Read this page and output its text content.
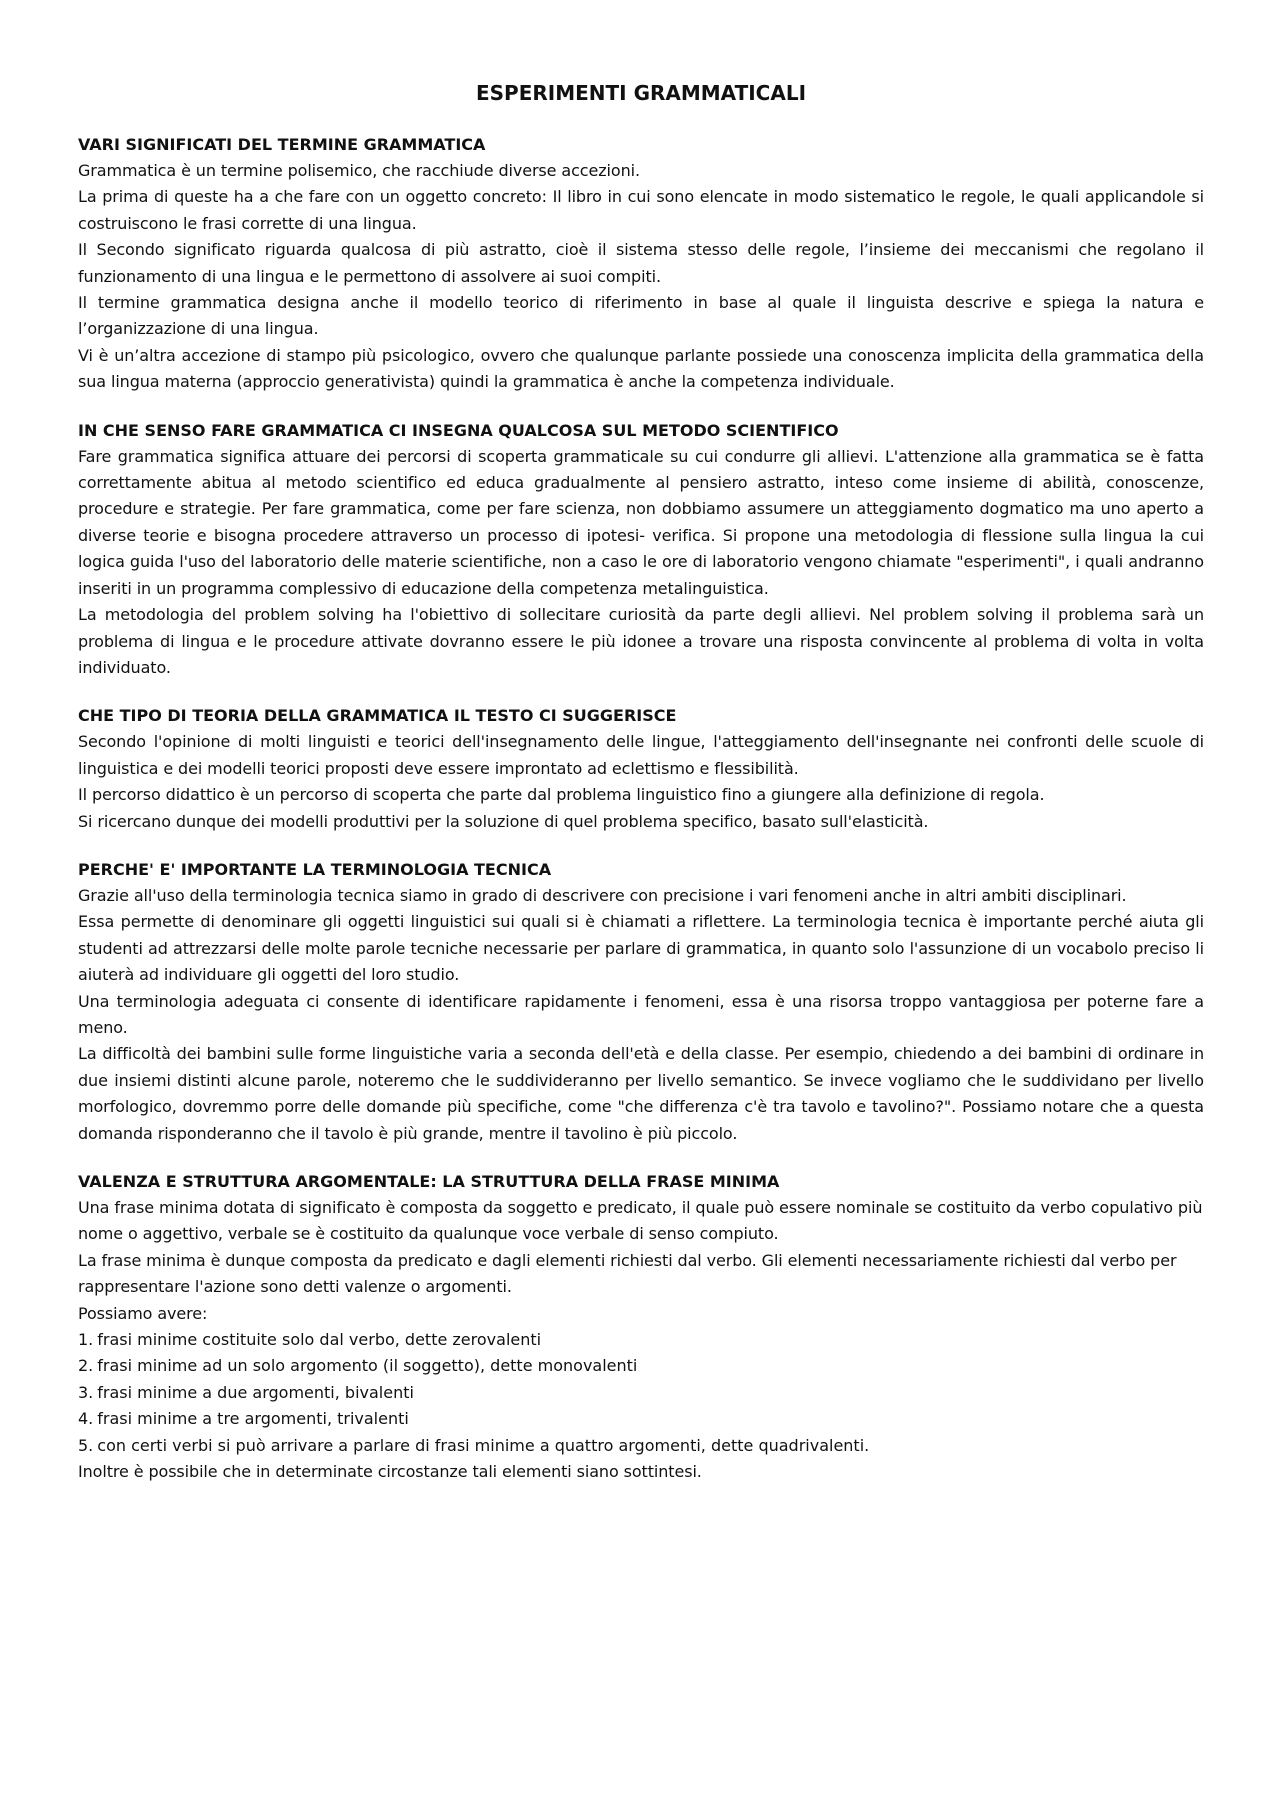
ESPERIMENTI GRAMMATICALI
VARI SIGNIFICATI DEL TERMINE GRAMMATICA

Grammatica è un termine polisemico, che racchiude diverse accezioni.

La prima di queste ha a che fare con un oggetto concreto: Il libro in cui sono elencate in modo sistematico le regole, le quali applicandole si costruiscono le frasi corrette di una lingua.

Il Secondo significato riguarda qualcosa di più astratto, cioè il sistema stesso delle regole, l’insieme dei meccanismi che regolano il funzionamento di una lingua e le permettono di assolvere ai suoi compiti.

Il termine grammatica designa anche il modello teorico di riferimento in base al quale il linguista descrive e spiega la natura e l’organizzazione di una lingua.

Vi è un’altra accezione di stampo più psicologico, ovvero che qualunque parlante possiede una conoscenza implicita della grammatica della sua lingua materna (approccio generativista) quindi la grammatica è anche la competenza individuale.

IN CHE SENSO FARE GRAMMATICA CI INSEGNA QUALCOSA SUL METODO SCIENTIFICO

Fare grammatica significa attuare dei percorsi di scoperta grammaticale su cui condurre gli allievi. L'attenzione alla grammatica se è fatta correttamente abitua al metodo scientifico ed educa gradualmente al pensiero astratto, inteso come insieme di abilità, conoscenze, procedure e strategie. Per fare grammatica, come per fare scienza, non dobbiamo assumere un atteggiamento dogmatico ma uno aperto a diverse teorie e bisogna procedere attraverso un processo di ipotesi- verifica. Si propone una metodologia di flessione sulla lingua la cui logica guida l'uso del laboratorio delle materie scientifiche, non a caso le ore di laboratorio vengono chiamate "esperimenti", i quali andranno inseriti in un programma complessivo di educazione della competenza metalinguistica.

La metodologia del problem solving ha l'obiettivo di sollecitare curiosità da parte degli allievi. Nel problem solving il problema sarà un problema di lingua e le procedure attivate dovranno essere le più idonee a trovare una risposta convincente al problema di volta in volta individuato.

CHE TIPO DI TEORIA DELLA GRAMMATICA IL TESTO CI SUGGERISCE

Secondo l'opinione di molti linguisti e teorici dell'insegnamento delle lingue, l'atteggiamento dell'insegnante nei confronti delle scuole di linguistica e dei modelli teorici proposti deve essere improntato ad eclettismo e flessibilità.

Il percorso didattico è un percorso di scoperta che parte dal problema linguistico fino a giungere alla definizione di regola.

Si ricercano dunque dei modelli produttivi per la soluzione di quel problema specifico, basato sull'elasticità.

PERCHE' E' IMPORTANTE LA TERMINOLOGIA TECNICA

Grazie all'uso della terminologia tecnica siamo in grado di descrivere con precisione i vari fenomeni anche in altri ambiti disciplinari.

Essa permette di denominare gli oggetti linguistici sui quali si è chiamati a riflettere. La terminologia tecnica è importante perché aiuta gli studenti ad attrezzarsi delle molte parole tecniche necessarie per parlare di grammatica, in quanto solo l'assunzione di un vocabolo preciso li aiuterà ad individuare gli oggetti del loro studio.

Una terminologia adeguata ci consente di identificare rapidamente i fenomeni, essa è una risorsa troppo vantaggiosa per poterne fare a meno.

La difficoltà dei bambini sulle forme linguistiche varia a seconda dell'età e della classe. Per esempio, chiedendo a dei bambini di ordinare in due insiemi distinti alcune parole, noteremo che le suddivideranno per livello semantico. Se invece vogliamo che le suddividano per livello morfologico, dovremmo porre delle domande più specifiche, come "che differenza c'è tra tavolo e tavolino?". Possiamo notare che a questa domanda risponderanno che il tavolo è più grande, mentre il tavolino è più piccolo.

VALENZA E STRUTTURA ARGOMENTALE: LA STRUTTURA DELLA FRASE MINIMA

Una frase minima dotata di significato è composta da soggetto e predicato, il quale può essere nominale se costituito da verbo copulativo più nome o aggettivo, verbale se è costituito da qualunque voce verbale di senso compiuto.

La frase minima è dunque composta da predicato e dagli elementi richiesti dal verbo. Gli elementi necessariamente richiesti dal verbo per rappresentare l'azione sono detti valenze o argomenti.

Possiamo avere:

1. frasi minime costituite solo dal verbo, dette zerovalenti
2. frasi minime ad un solo argomento (il soggetto), dette monovalenti
3. frasi minime a due argomenti, bivalenti
4. frasi minime a tre argomenti, trivalenti
5. con certi verbi si può arrivare a parlare di frasi minime a quattro argomenti, dette quadrivalenti.

Inoltre è possibile che in determinate circostanze tali elementi siano sottintesi.
